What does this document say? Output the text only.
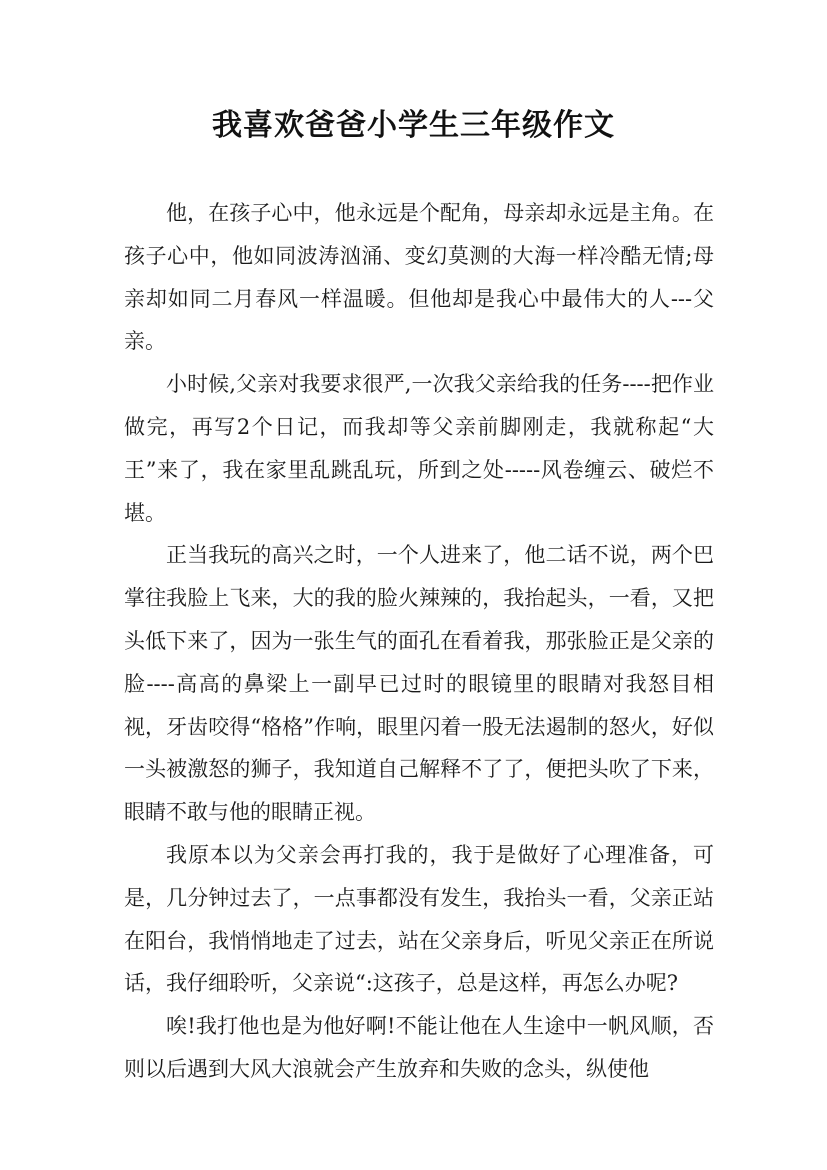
我喜欢爸爸小学生三年级作文

他，在孩子心中，他永远是个配角，母亲却永远是主角。在孩子心中，他如同波涛汹涌、变幻莫测的大海一样冷酷无情;母亲却如同二月春风一样温暖。但他却是我心中最伟大的人---父亲。

小时候,父亲对我要求很严,一次我父亲给我的任务----把作业做完，再写2个日记，而我却等父亲前脚刚走，我就称起“大王”来了，我在家里乱跳乱玩，所到之处-----风卷缠云、破烂不堪。

正当我玩的高兴之时，一个人进来了，他二话不说，两个巴掌往我脸上飞来，大的我的脸火辣辣的，我抬起头，一看，又把头低下来了，因为一张生气的面孔在看着我，那张脸正是父亲的脸----高高的鼻梁上一副早已过时的眼镜里的眼睛对我怒目相视，牙齿咬得“格格”作响，眼里闪着一股无法遏制的怒火，好似一头被激怒的狮子，我知道自己解释不了了，便把头吹了下来，眼睛不敢与他的眼睛正视。

我原本以为父亲会再打我的，我于是做好了心理准备，可是，几分钟过去了，一点事都没有发生，我抬头一看，父亲正站在阳台，我悄悄地走了过去，站在父亲身后，听见父亲正在所说话，我仔细聆听，父亲说“:这孩子，总是这样，再怎么办呢?

唉!我打他也是为他好啊!不能让他在人生途中一帆风顺，否则以后遇到大风大浪就会产生放弃和失败的念头，纵使他
